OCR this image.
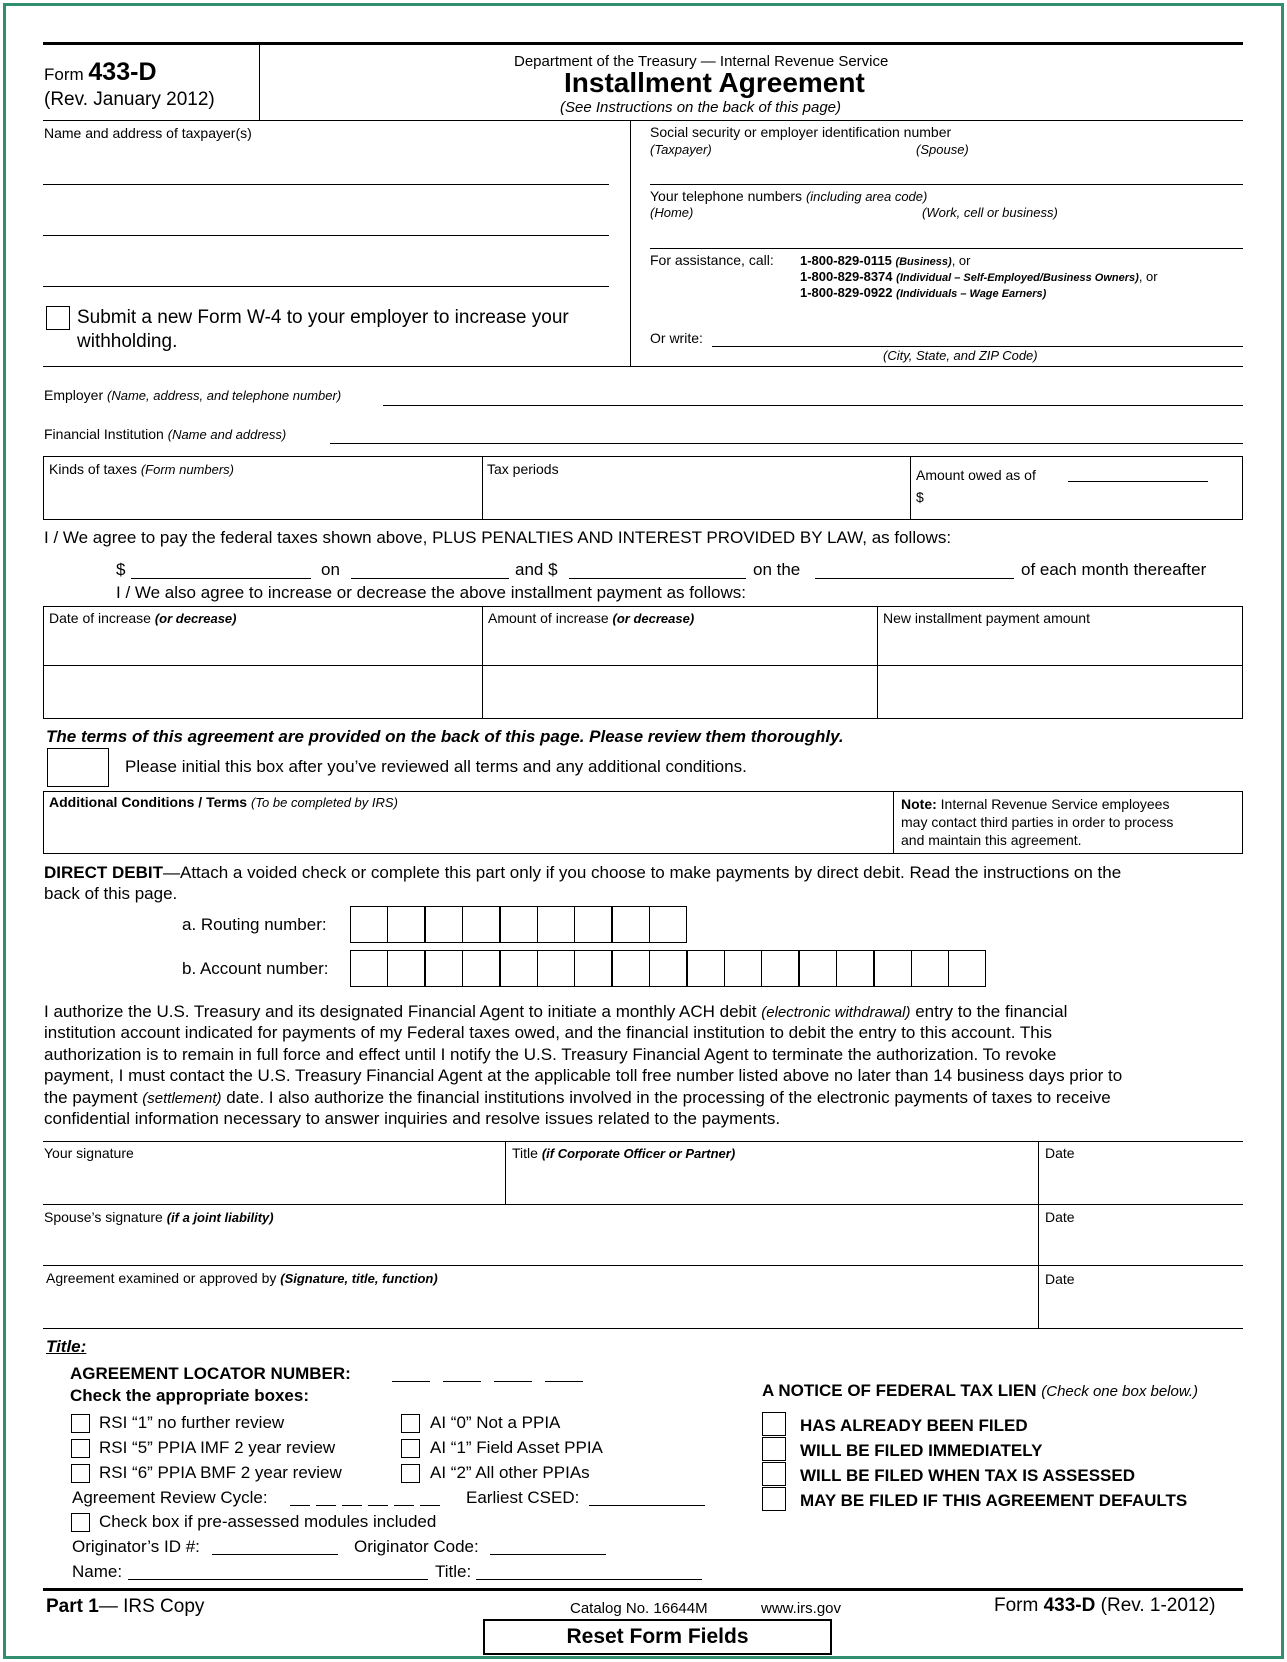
Form 433-D
(Rev. January 2012)
Department of the Treasury — Internal Revenue Service
Installment Agreement
(See Instructions on the back of this page)
Name and address of taxpayer(s)
Submit a new Form W-4 to your employer to increase your
withholding.
Social security or employer identification number
(Taxpayer)	(Spouse)
Your telephone numbers (including area code)
(Home)	(Work, cell or business)
For assistance, call: 1-800-829-0115 (Business), or
1-800-829-8374 (Individual – Self-Employed/Business Owners), or
1-800-829-0922 (Individuals – Wage Earners)
Or write:
(City, State, and ZIP Code)
Employer (Name, address, and telephone number)
Financial Institution (Name and address)
Kinds of taxes (Form numbers)	Tax periods	Amount owed as of
$
I / We agree to pay the federal taxes shown above, PLUS PENALTIES AND INTEREST PROVIDED BY LAW, as follows:
$	on	and $	on the	of each month thereafter
I / We also agree to increase or decrease the above installment payment as follows:
Date of increase (or decrease)	Amount of increase (or decrease)	New installment payment amount
The terms of this agreement are provided on the back of this page. Please review them thoroughly.
Please initial this box after you’ve reviewed all terms and any additional conditions.
Additional Conditions / Terms (To be completed by IRS)	Note: Internal Revenue Service employees
may contact third parties in order to process
and maintain this agreement.
DIRECT DEBIT—Attach a voided check or complete this part only if you choose to make payments by direct debit. Read the instructions on the
back of this page.
a. Routing number:
b. Account number:
I authorize the U.S. Treasury and its designated Financial Agent to initiate a monthly ACH debit (electronic withdrawal) entry to the financial
institution account indicated for payments of my Federal taxes owed, and the financial institution to debit the entry to this account. This
authorization is to remain in full force and effect until I notify the U.S. Treasury Financial Agent to terminate the authorization. To revoke
payment, I must contact the U.S. Treasury Financial Agent at the applicable toll free number listed above no later than 14 business days prior to
the payment (settlement) date. I also authorize the financial institutions involved in the processing of the electronic payments of taxes to receive
confidential information necessary to answer inquiries and resolve issues related to the payments.
Your signature	Title (if Corporate Officer or Partner)	Date
Spouse’s signature (if a joint liability)	Date
Agreement examined or approved by (Signature, title, function)	Date
Title:
AGREEMENT LOCATOR NUMBER:
Check the appropriate boxes:
RSI “1” no further review
RSI “5” PPIA IMF 2 year review
RSI “6” PPIA BMF 2 year review
AI “0” Not a PPIA
AI “1” Field Asset PPIA
AI “2” All other PPIAs
Agreement Review Cycle:	Earliest CSED:
Check box if pre-assessed modules included
Originator’s ID #:	Originator Code:
Name:	Title:
A NOTICE OF FEDERAL TAX LIEN (Check one box below.)
HAS ALREADY BEEN FILED
WILL BE FILED IMMEDIATELY
WILL BE FILED WHEN TAX IS ASSESSED
MAY BE FILED IF THIS AGREEMENT DEFAULTS
Part 1— IRS Copy	Catalog No. 16644M	www.irs.gov	Form 433-D (Rev. 1-2012)
Reset Form Fields
